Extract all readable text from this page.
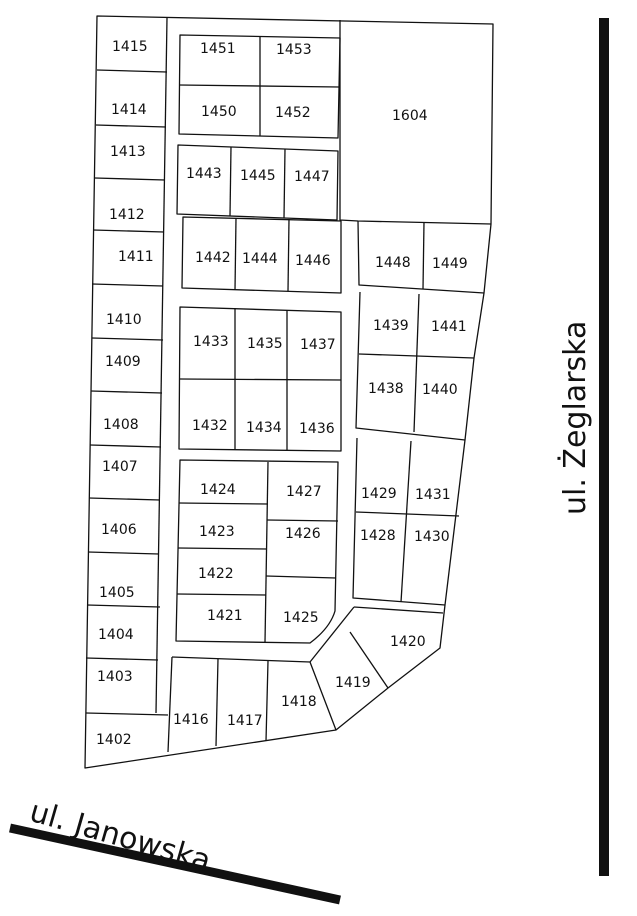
1415
1414
1413
1412
1411
1410
1409
1408
1407
1406
1405
1404
1403
1402
1451	1453
1450	1452	1604
1443 1445 1447
1442 1444 1446	1448 1449
1433 1435 1437
1432 1434 1436
1439 1441
1438 1440
1424
1423
1422
1421
1427
1426
1425
1429 1431
1428 1430
1420
1419
1418
1416 1417
ul. Żeglarska
ul. Janowska
